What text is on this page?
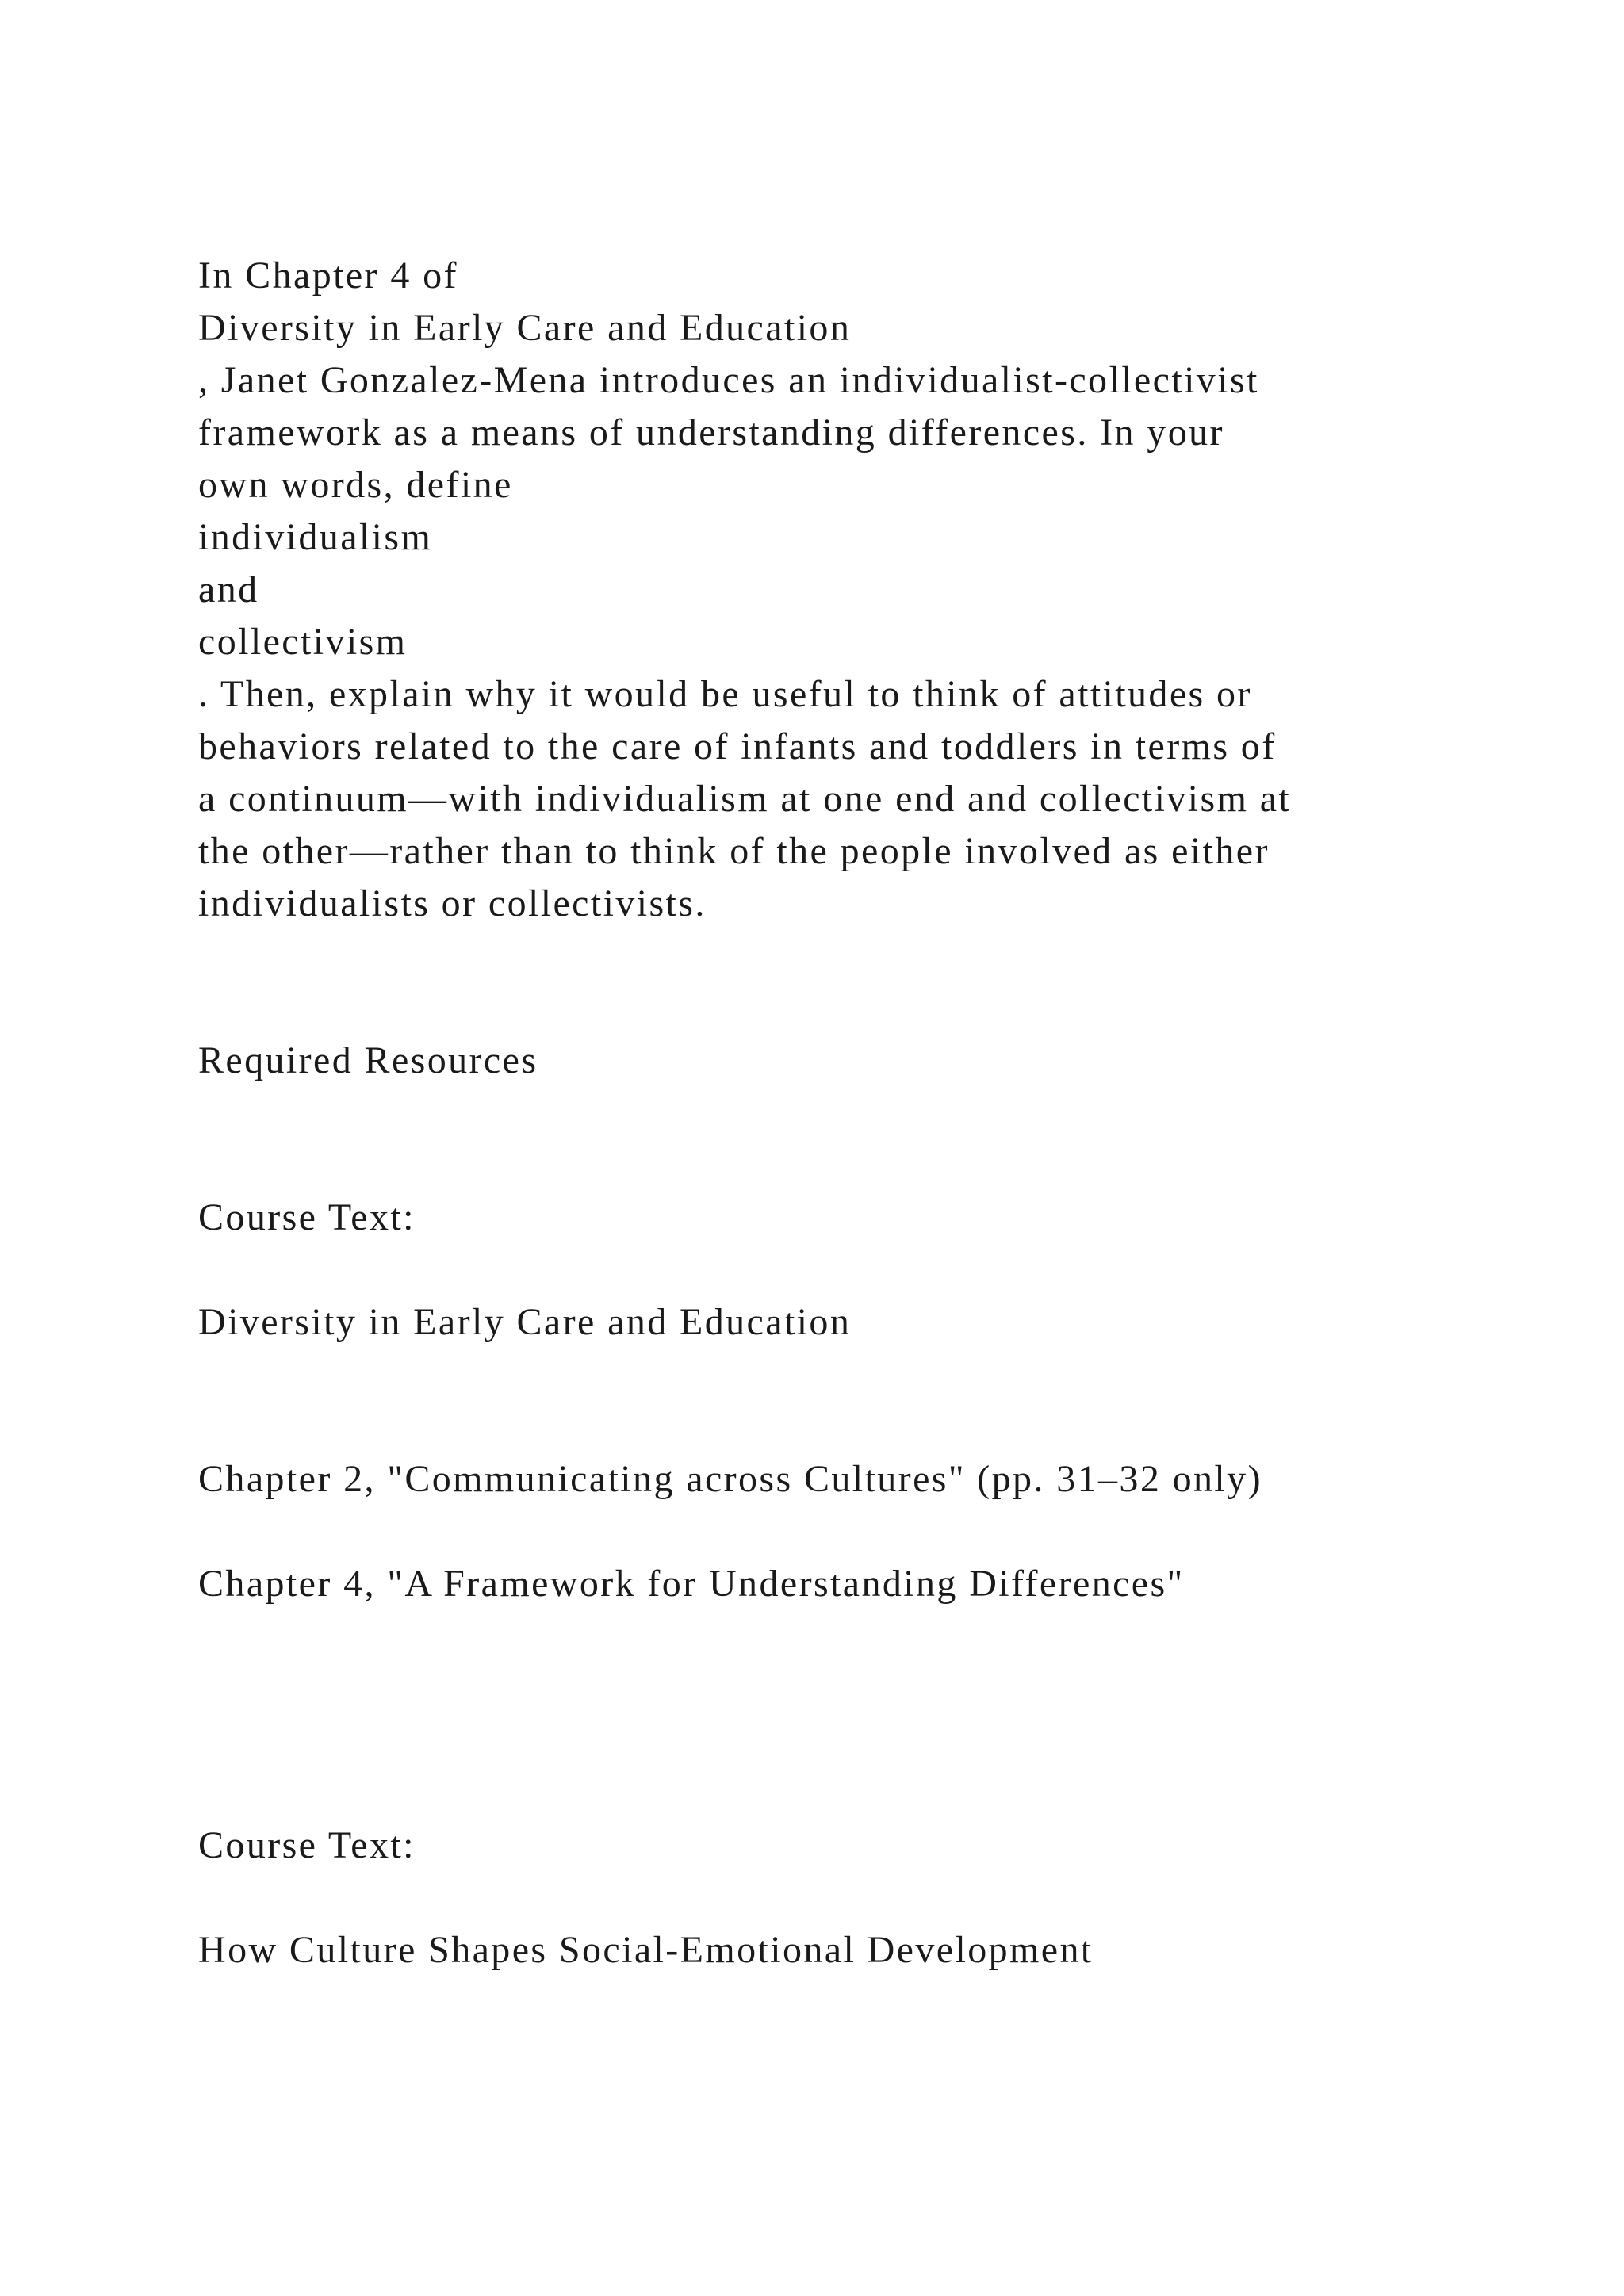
In Chapter 4 of

Diversity in Early Care and Education

, Janet Gonzalez-Mena introduces an individualist-collectivist

framework as a means of understanding differences. In your

own words, define

individualism

and

collectivism

. Then, explain why it would be useful to think of attitudes or

behaviors related to the care of infants and toddlers in terms of

a continuum—with individualism at one end and collectivism at

the other—rather than to think of the people involved as either

individualists or collectivists.

Required Resources

Course Text:

Diversity in Early Care and Education

Chapter 2, "Communicating across Cultures" (pp. 31–32 only)

Chapter 4, "A Framework for Understanding Differences"

Course Text:

How Culture Shapes Social-Emotional Development
